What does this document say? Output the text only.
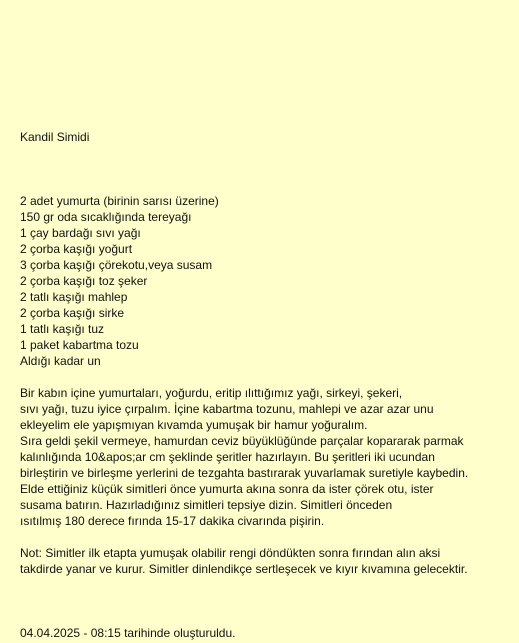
Kandil Simidi
2 adet yumurta (birinin sarısı üzerine)
150 gr oda sıcaklığında tereyağı
1 çay bardağı sıvı yağı
2 çorba kaşığı yoğurt
3 çorba kaşığı çörekotu,veya susam
2 çorba kaşığı toz şeker
2 tatlı kaşığı mahlep
2 çorba kaşığı sirke
1 tatlı kaşığı tuz
1 paket kabartma tozu
Aldığı kadar un
Bir kabın içine yumurtaları, yoğurdu, eritip ılıttığımız yağı, sirkeyi, şekeri,
sıvı yağı, tuzu iyice çırpalım. İçine kabartma tozunu, mahlepi ve azar azar unu
ekleyelim ele yapışmıyan kıvamda yumuşak bir hamur yoğuralım.
Sıra geldi şekil vermeye, hamurdan ceviz büyüklüğünde parçalar kopararak parmak
kalınlığında 10&apos;ar cm şeklinde şeritler hazırlayın. Bu şeritleri iki ucundan
birleştirin ve birleşme yerlerini de tezgahta bastırarak yuvarlamak suretiyle kaybedin.
Elde ettiğiniz küçük simitleri önce yumurta akına sonra da ister çörek otu, ister
susama batırın. Hazırladığınız simitleri tepsiye dizin. Simitleri önceden
ısıtılmış 180 derece fırında 15-17 dakika civarında pişirin.
Not: Simitler ilk etapta yumuşak olabilir rengi döndükten sonra fırından alın aksi
takdirde yanar ve kurur. Simitler dinlendikçe sertleşecek ve kıyır kıvamına gelecektir.
04.04.2025 - 08:15 tarihinde oluşturuldu.
